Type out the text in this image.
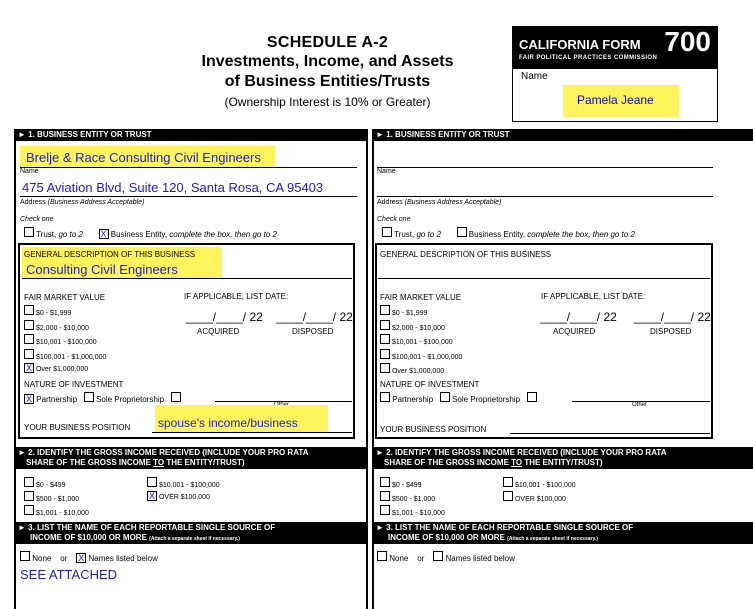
SCHEDULE A-2
Investments, Income, and Assets
of Business Entities/Trusts
(Ownership Interest is 10% or Greater)
CALIFORNIA FORM 700
FAIR POLITICAL PRACTICES COMMISSION
Name
Pamela Jeane
► 1. BUSINESS ENTITY OR TRUST
Brelje & Race Consulting Civil Engineers
Name
475 Aviation Blvd, Suite 120, Santa Rosa, CA 95403
Address (Business Address Acceptable)
Check one
Trust, go to 2 X Business Entity, complete the box, then go to 2
GENERAL DESCRIPTION OF THIS BUSINESS
Consulting Civil Engineers
FAIR MARKET VALUE	IF APPLICABLE, LIST DATE:
$0 - $1,999
$2,000 - $10,000
$10,001 - $100,000
$100,001 - $1,000,000
X Over $1,000,000
____/____/ 22 ____/____/ 22
ACQUIRED	DISPOSED
NATURE OF INVESTMENT
X Partnership Sole Proprietorship
YOUR BUSINESS POSITION spouse's income/business
► 2. IDENTIFY THE GROSS INCOME RECEIVED (INCLUDE YOUR PRO RATA
SHARE OF THE GROSS INCOME TO THE ENTITY/TRUST)
$0 - $499
$500 - $1,000
$1,001 - $10,000
$10,001 - $100,000
X OVER $100,000
► 3. LIST THE NAME OF EACH REPORTABLE SINGLE SOURCE OF
INCOME OF $10,000 OR MORE (Attach a separate sheet if necessary.)
None or X Names listed below
SEE ATTACHED
► 1. BUSINESS ENTITY OR TRUST
Name
Address (Business Address Acceptable)
Check one
Trust, go to 2	Business Entity, complete the box, then go to 2
GENERAL DESCRIPTION OF THIS BUSINESS
FAIR MARKET VALUE	IF APPLICABLE, LIST DATE:
$0 - $1,999
$2,000 - $10,000
$10,001 - $100,000
$100,001 - $1,000,000
Over $1,000,000
____/____/ 22 ____/____/ 22
ACQUIRED	DISPOSED
NATURE OF INVESTMENT
Partnership Sole Proprietorship
Other
YOUR BUSINESS POSITION
► 2. IDENTIFY THE GROSS INCOME RECEIVED (INCLUDE YOUR PRO RATA
SHARE OF THE GROSS INCOME TO THE ENTITY/TRUST)
$0 - $499
$500 - $1,000
$1,001 - $10,000
$10,001 - $100,000
OVER $100,000
► 3. LIST THE NAME OF EACH REPORTABLE SINGLE SOURCE OF
INCOME OF $10,000 OR MORE (Attach a separate sheet if necessary.)
None or	Names listed below
